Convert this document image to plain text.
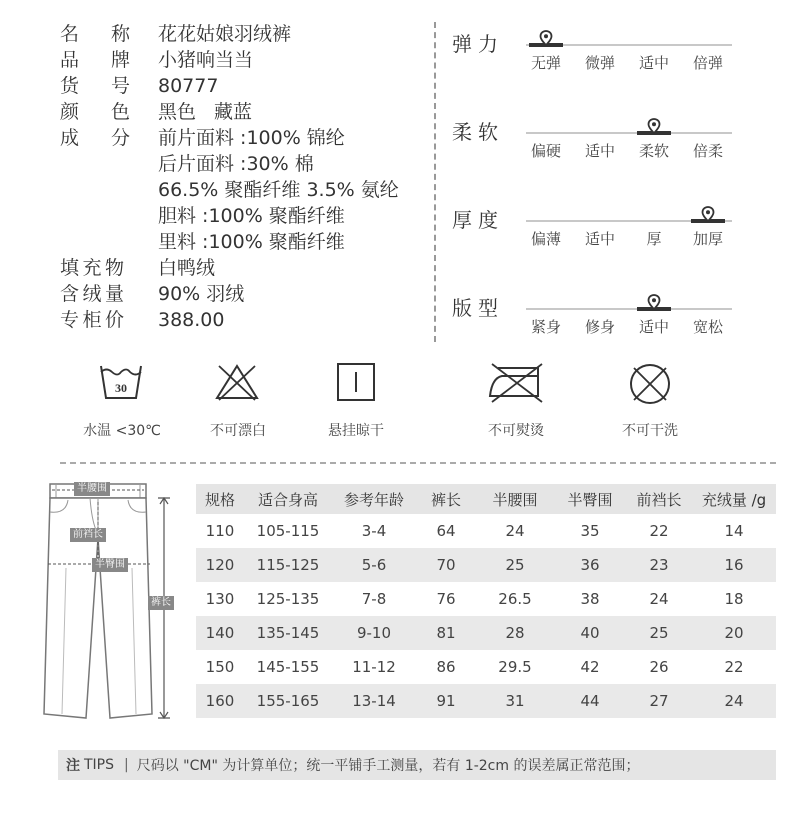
名 称 花花姑娘羽绒裤
品 牌 小猪响当当
货 号 80777
颜 色 黑色 藏蓝
成 分 前片面料 :100% 锦纶
后片面料 :30% 棉
66.5% 聚酯纤维 3.5% 氨纶
胆料 :100% 聚酯纤维
里料 :100% 聚酯纤维
填 充 物 白鸭绒
含 绒 量 90% 羽绒
专 柜 价 388.00
弹力
无弹	微弹	适中	倍弹
柔软
偏硬	适中	柔软	倍柔
厚度
偏薄	适中	厚	加厚
版型
紧身	修身	适中	宽松
30
水温 <30℃	不可漂白	悬挂晾干	不可熨烫	不可干洗
半腰围
前裆长
半臀围
裤长
规格	适合身高	参考年龄	裤长	半腰围	半臀围	前裆长	充绒量 /g
110	105-115	3-4	64	24	35	22	14
120	115-125	5-6	70	25	36	23	16
130	125-135	7-8	76	26.5	38	24	18
140	135-145	9-10	81	28	40	25	20
150	145-155	11-12	86	29.5	42	26	22
160	155-165	13-14	91	31	44	27	24
注 TIPS | 尺码以 "CM" 为计算单位；统一平铺手工测量，若有 1-2cm 的误差属正常范围；
